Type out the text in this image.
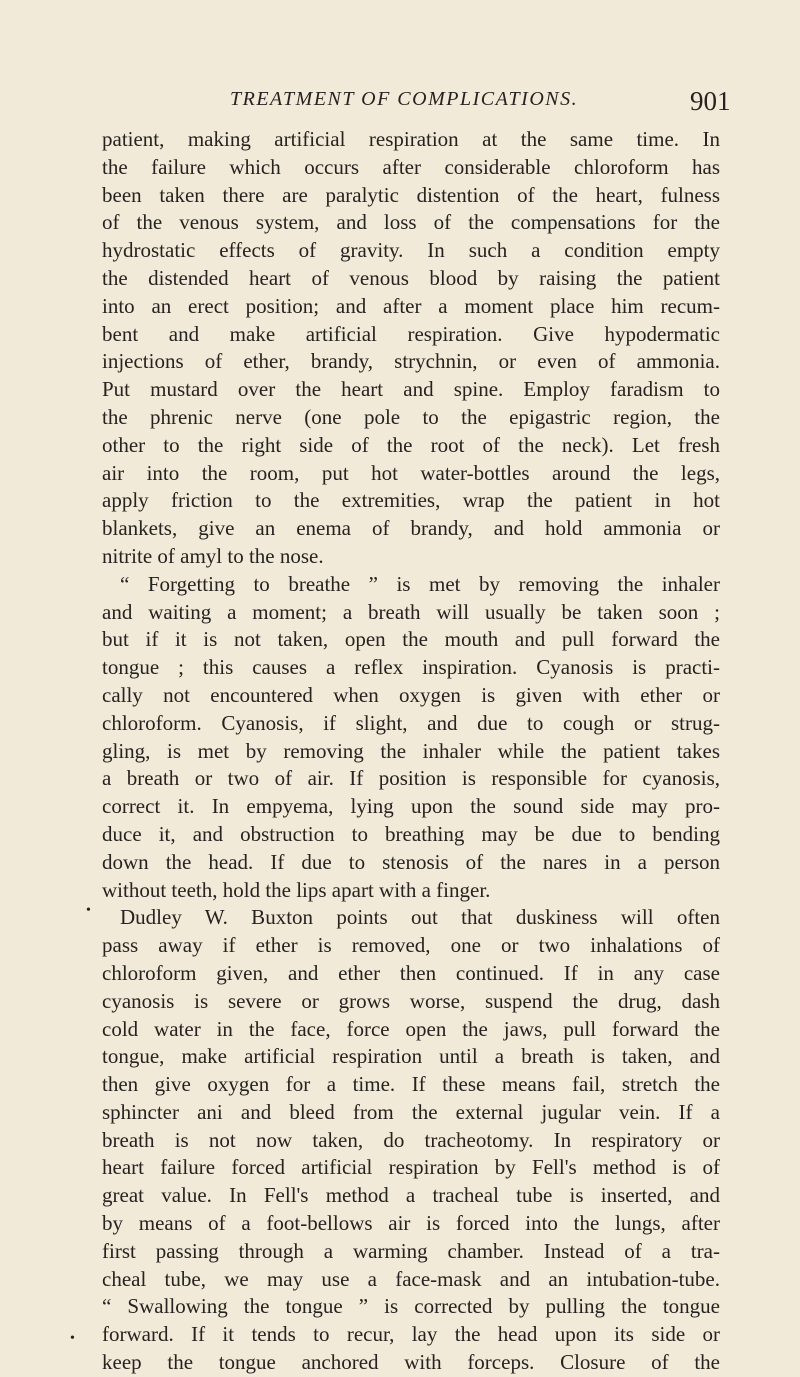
TREATMENT OF COMPLICATIONS.	901
patient, making artificial respiration at the same time. In
the failure which occurs after considerable chloroform has
been taken there are paralytic distention of the heart, fulness
of the venous system, and loss of the compensations for the
hydrostatic effects of gravity. In such a condition empty
the distended heart of venous blood by raising the patient
into an erect position; and after a moment place him recum-
bent and make artificial respiration. Give hypodermatic
injections of ether, brandy, strychnin, or even of ammonia.
Put mustard over the heart and spine. Employ faradism to
the phrenic nerve (one pole to the epigastric region, the
other to the right side of the root of the neck). Let fresh
air into the room, put hot water-bottles around the legs,
apply friction to the extremities, wrap the patient in hot
blankets, give an enema of brandy, and hold ammonia or
nitrite of amyl to the nose.
“ Forgetting to breathe ” is met by removing the inhaler
and waiting a moment; a breath will usually be taken soon ;
but if it is not taken, open the mouth and pull forward the
tongue ; this causes a reflex inspiration. Cyanosis is practi-
cally not encountered when oxygen is given with ether or
chloroform. Cyanosis, if slight, and due to cough or strug-
gling, is met by removing the inhaler while the patient takes
a breath or two of air. If position is responsible for cyanosis,
correct it. In empyema, lying upon the sound side may pro-
duce it, and obstruction to breathing may be due to bending
down the head. If due to stenosis of the nares in a person
without teeth, hold the lips apart with a finger.
Dudley W. Buxton points out that duskiness will often
pass away if ether is removed, one or two inhalations of
chloroform given, and ether then continued. If in any case
cyanosis is severe or grows worse, suspend the drug, dash
cold water in the face, force open the jaws, pull forward the
tongue, make artificial respiration until a breath is taken, and
then give oxygen for a time. If these means fail, stretch the
sphincter ani and bleed from the external jugular vein. If a
breath is not now taken, do tracheotomy. In respiratory or
heart failure forced artificial respiration by Fell's method is of
great value. In Fell's method a tracheal tube is inserted, and
by means of a foot-bellows air is forced into the lungs, after
first passing through a warming chamber. Instead of a tra-
cheal tube, we may use a face-mask and an intubation-tube.
“ Swallowing the tongue ” is corrected by pulling the tongue
forward. If it tends to recur, lay the head upon its side or
keep the tongue anchored with forceps. Closure of the
•
•
